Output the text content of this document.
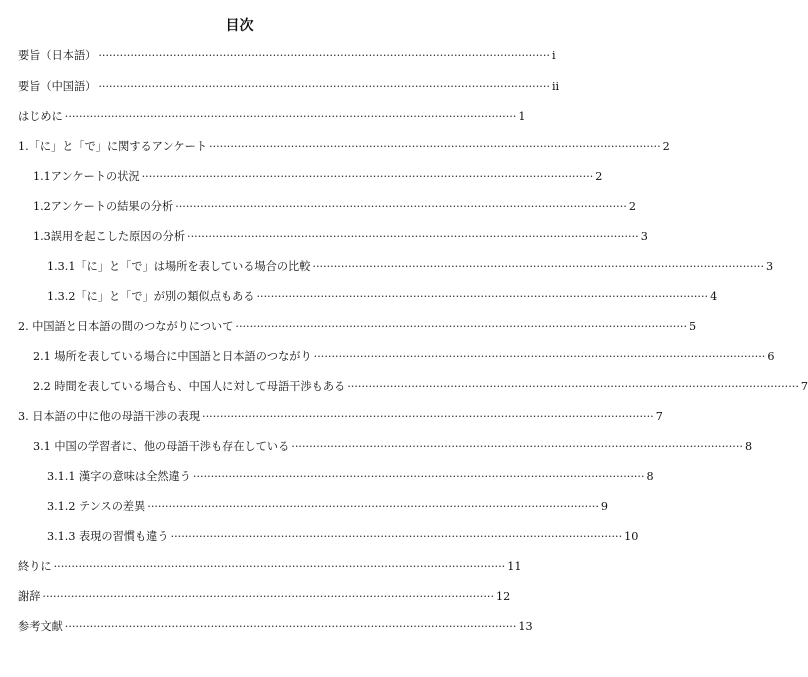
目次
要旨（日本語） ······························································································································· i
要旨（中国語） ······························································································································· ii
はじめに ······························································································································· 1
1.「に」と「で」に関するアンケート ······························································································································· 2
1.1アンケートの状況 ······························································································································· 2
1.2アンケートの結果の分析 ······························································································································· 2
1.3誤用を起こした原因の分析 ······························································································································· 3
1.3.1「に」と「で」は場所を表している場合の比較 ······························································································································· 3
1.3.2「に」と「で」が別の類似点もある ······························································································································· 4
2. 中国語と日本語の間のつながりについて ······························································································································· 5
2.1 場所を表している場合に中国語と日本語のつながり ······························································································································· 6
2.2 時間を表している場合も、中国人に対して母語干渉もある ······························································································································· 7
3. 日本語の中に他の母語干渉の表現 ······························································································································· 7
3.1 中国の学習者に、他の母語干渉も存在している ······························································································································· 8
3.1.1 漢字の意味は全然違う ······························································································································· 8
3.1.2 テンスの差異 ······························································································································· 9
3.1.3 表現の習慣も違う ······························································································································· 10
終りに ······························································································································· 11
謝辞 ······························································································································· 12
参考文献 ······························································································································· 13
